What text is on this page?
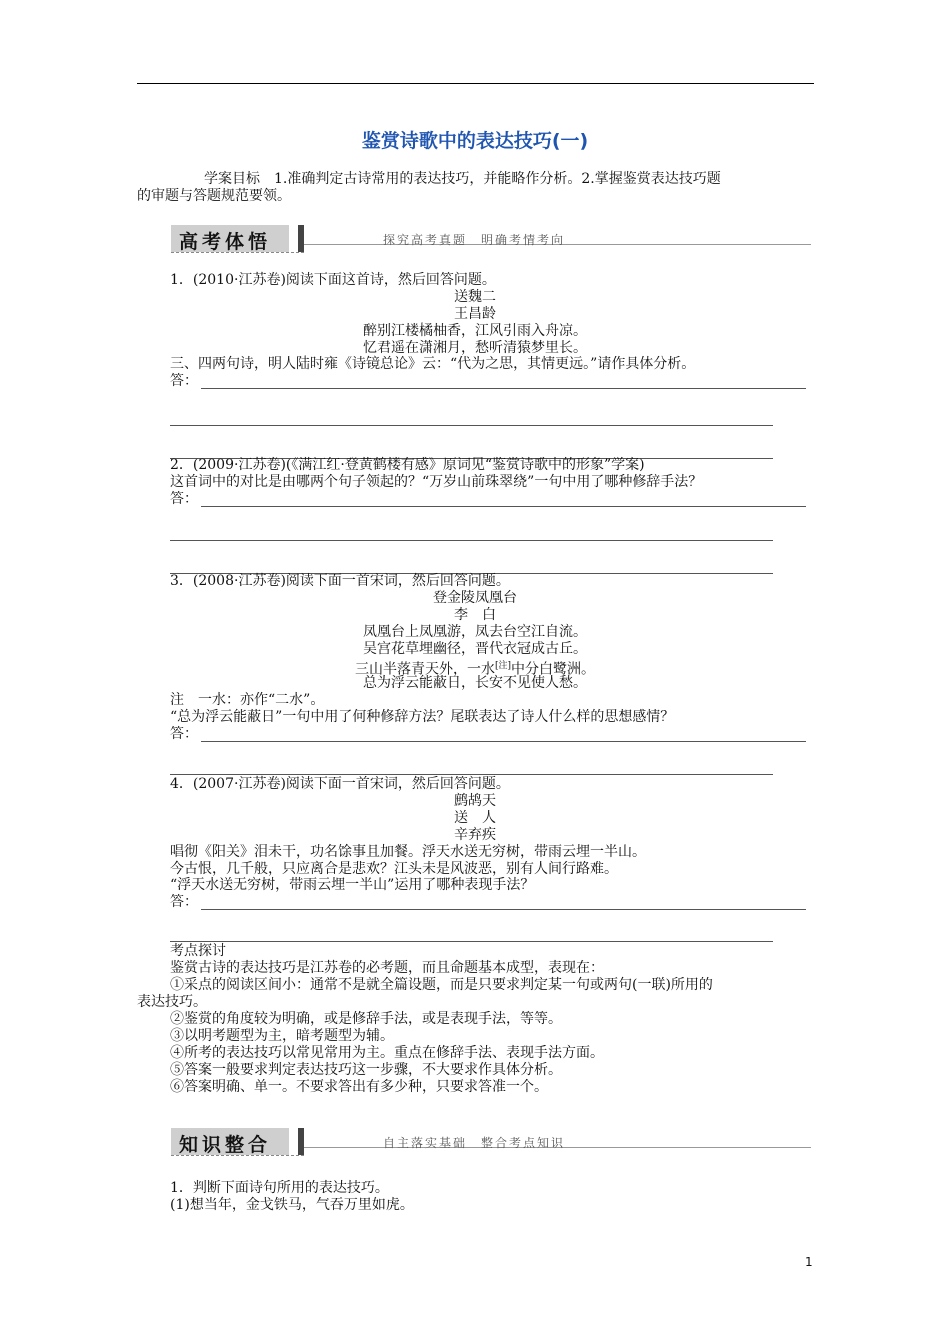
鉴赏诗歌中的表达技巧(一)
学案目标　1.准确判定古诗常用的表达技巧，并能略作分析。2.掌握鉴赏表达技巧题
的审题与答题规范要领。
高考体悟	探究高考真题　明确考情考向
1．(2010·江苏卷)阅读下面这首诗，然后回答问题。
送魏二
王昌龄
醉别江楼橘柚香，江风引雨入舟凉。
忆君遥在潇湘月，愁听清猿梦里长。
三、四两句诗，明人陆时雍《诗镜总论》云：“代为之思，其情更远。”请作具体分析。
答：
2．(2009·江苏卷)(《满江红·登黄鹤楼有感》原词见“鉴赏诗歌中的形象”学案)
这首词中的对比是由哪两个句子领起的？“万岁山前珠翠绕”一句中用了哪种修辞手法？
答：
3．(2008·江苏卷)阅读下面一首宋词，然后回答问题。
登金陵凤凰台
李　白
凤凰台上凤凰游，凤去台空江自流。
吴宫花草埋幽径，晋代衣冠成古丘。
三山半落青天外，一水[注]中分白鹭洲。
总为浮云能蔽日，长安不见使人愁。
注　一水：亦作“二水”。
“总为浮云能蔽日”一句中用了何种修辞方法？尾联表达了诗人什么样的思想感情？
答：
4．(2007·江苏卷)阅读下面一首宋词，然后回答问题。
鹧鸪天
送　人
辛弃疾
唱彻《阳关》泪未干，功名馀事且加餐。浮天水送无穷树，带雨云埋一半山。
今古恨，几千般，只应离合是悲欢？江头未是风波恶，别有人间行路难。
“浮天水送无穷树，带雨云埋一半山”运用了哪种表现手法？
答：
考点探讨
鉴赏古诗的表达技巧是江苏卷的必考题，而且命题基本成型，表现在：
①采点的阅读区间小：通常不是就全篇设题，而是只要求判定某一句或两句(一联)所用的
表达技巧。
②鉴赏的角度较为明确，或是修辞手法，或是表现手法，等等。
③以明考题型为主，暗考题型为辅。
④所考的表达技巧以常见常用为主。重点在修辞手法、表现手法方面。
⑤答案一般要求判定表达技巧这一步骤，不大要求作具体分析。
⑥答案明确、单一。不要求答出有多少种，只要求答准一个。
知识整合	自主落实基础　整合考点知识
1．判断下面诗句所用的表达技巧。
(1)想当年，金戈铁马，气吞万里如虎。
1
